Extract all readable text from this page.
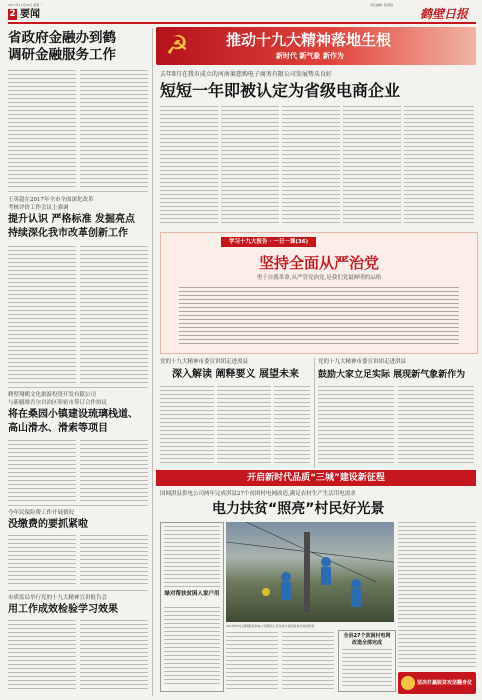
2017年12月18日 星期一	责任编辑: 程季娟
2 要闻	鹤壁日报
省政府金融办到鹤
调研金融服务工作
王英超在2017年全市全面深化改革
考核评价工作会议上强调
提升认识 严格标准 发掘亮点
持续深化我市改革创新工作
鹤壁翔鹤文化旅游投资开发有限公司
与新疆维吾尔自治区哈密市签订合作协议
将在桑园小镇建设琉璃栈道、
高山滑水、滑索等项目
今年民保险费工作开展情况
没缴费的要抓紧啦
市质监局举行党的十九大精神宣讲报告会
用工作成效检验学习效果
☭ 推动十九大精神落地生根
新时代 新气象 新作为
去年8月在我市成立的河南莱慈购电子商务有限公司发展势头良好
短短一年即被认定为省级电商企业
学习十九大报告 · 一日一课(36)
坚持全面从严治党
勇于自我革命,从严管党治党,是我们党最鲜明的品格
党的十九大精神市委宣讲团走进浚县
深入解读 阐释要义 展望未来
党的十九大精神市委宣讲团走进淇县
鼓励大家立足实际 展现新气象新作为
开启新时代品质“三城”建设新征程
国网淇县供电公司两年完成淇县27个贫困村电网改造,满足农村生产生活用电需求
电力扶贫“照亮”村民好光景
绿对帮扶贫困人家户用
2016年8月,国网淇县供电公司组织人员对地方贫困村进行电网改造
全县27个贫困村电网改造全部完成
坚决打赢脱贫攻坚翻身仗
